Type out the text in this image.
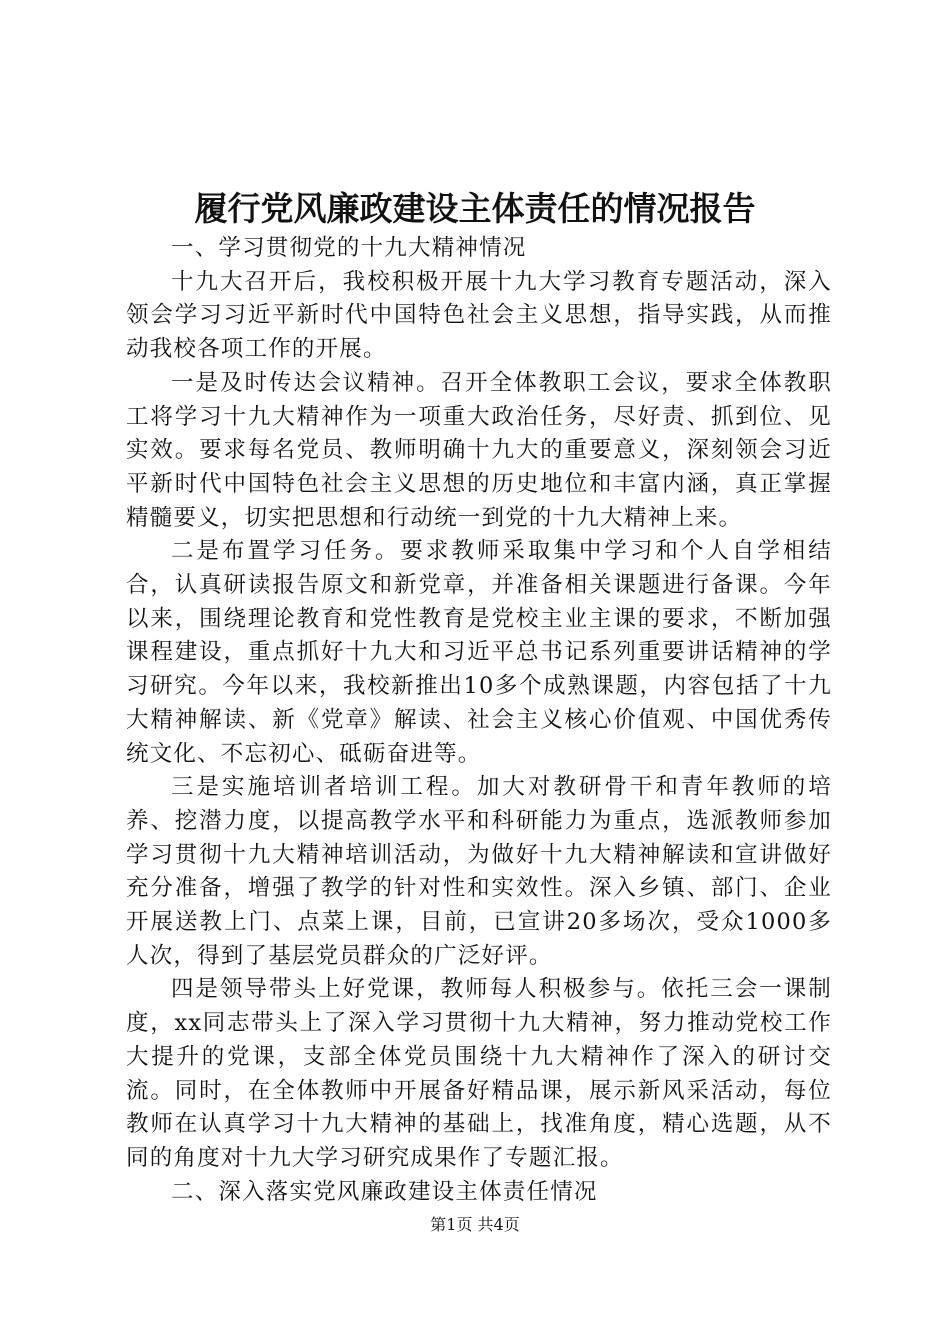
履行党风廉政建设主体责任的情况报告

一、学习贯彻党的十九大精神情况

十九大召开后，我校积极开展十九大学习教育专题活动，深入领会学习习近平新时代中国特色社会主义思想，指导实践，从而推动我校各项工作的开展。

一是及时传达会议精神。召开全体教职工会议，要求全体教职工将学习十九大精神作为一项重大政治任务，尽好责、抓到位、见实效。要求每名党员、教师明确十九大的重要意义，深刻领会习近平新时代中国特色社会主义思想的历史地位和丰富内涵，真正掌握精髓要义，切实把思想和行动统一到党的十九大精神上来。

二是布置学习任务。要求教师采取集中学习和个人自学相结合，认真研读报告原文和新党章，并准备相关课题进行备课。今年以来，围绕理论教育和党性教育是党校主业主课的要求，不断加强课程建设，重点抓好十九大和习近平总书记系列重要讲话精神的学习研究。今年以来，我校新推出10多个成熟课题，内容包括了十九大精神解读、新《党章》解读、社会主义核心价值观、中国优秀传统文化、不忘初心、砥砺奋进等。

三是实施培训者培训工程。加大对教研骨干和青年教师的培养、挖潜力度，以提高教学水平和科研能力为重点，选派教师参加学习贯彻十九大精神培训活动，为做好十九大精神解读和宣讲做好充分准备，增强了教学的针对性和实效性。深入乡镇、部门、企业开展送教上门、点菜上课，目前，已宣讲20多场次，受众1000多人次，得到了基层党员群众的广泛好评。

四是领导带头上好党课，教师每人积极参与。依托三会一课制度，xx同志带头上了深入学习贯彻十九大精神，努力推动党校工作大提升的党课，支部全体党员围绕十九大精神作了深入的研讨交流。同时，在全体教师中开展备好精品课，展示新风采活动，每位教师在认真学习十九大精神的基础上，找准角度，精心选题，从不同的角度对十九大学习研究成果作了专题汇报。

二、深入落实党风廉政建设主体责任情况

第1页 共4页
